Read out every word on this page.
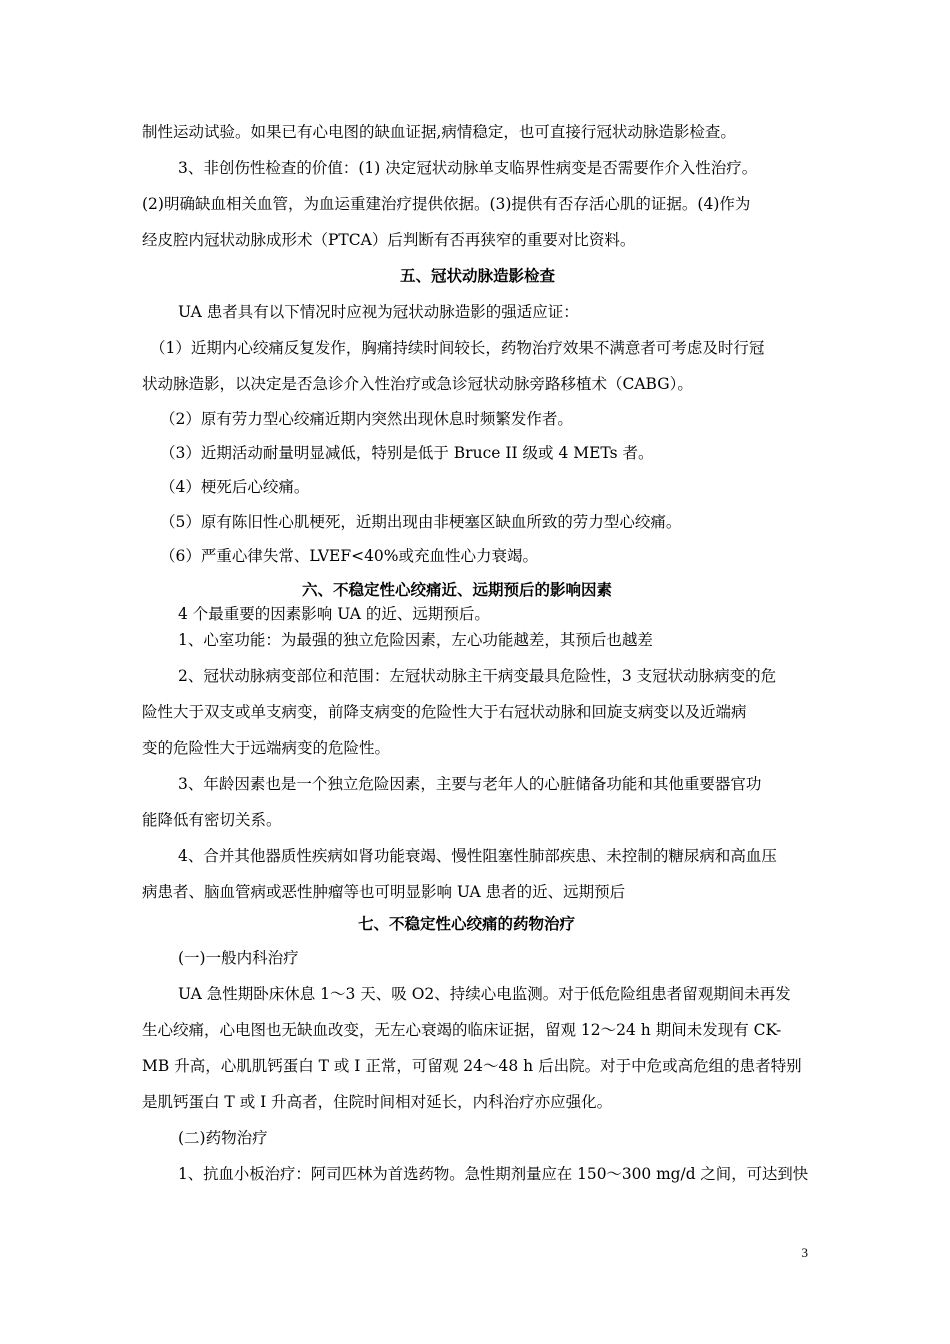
制性运动试验。如果已有心电图的缺血证据,病情稳定，也可直接行冠状动脉造影检查。
3、非创伤性检查的价值：(1) 决定冠状动脉单支临界性病变是否需要作介入性治疗。
(2)明确缺血相关血管，为血运重建治疗提供依据。(3)提供有否存活心肌的证据。(4)作为
经皮腔内冠状动脉成形术（PTCA）后判断有否再狭窄的重要对比资料。
五、冠状动脉造影检查
UA 患者具有以下情况时应视为冠状动脉造影的强适应证：
（1）近期内心绞痛反复发作，胸痛持续时间较长，药物治疗效果不满意者可考虑及时行冠
状动脉造影，以决定是否急诊介入性治疗或急诊冠状动脉旁路移植术（CABG）。
（2）原有劳力型心绞痛近期内突然出现休息时频繁发作者。
（3）近期活动耐量明显减低，特别是低于 Bruce II 级或 4 METs 者。
（4）梗死后心绞痛。
（5）原有陈旧性心肌梗死，近期出现由非梗塞区缺血所致的劳力型心绞痛。
（6）严重心律失常、LVEF<40%或充血性心力衰竭。
六、不稳定性心绞痛近、远期预后的影响因素
4 个最重要的因素影响 UA 的近、远期预后。
1、心室功能：为最强的独立危险因素，左心功能越差，其预后也越差
2、冠状动脉病变部位和范围：左冠状动脉主干病变最具危险性，3 支冠状动脉病变的危
险性大于双支或单支病变，前降支病变的危险性大于右冠状动脉和回旋支病变以及近端病
变的危险性大于远端病变的危险性。
3、年龄因素也是一个独立危险因素，主要与老年人的心脏储备功能和其他重要器官功
能降低有密切关系。
4、合并其他器质性疾病如肾功能衰竭、慢性阻塞性肺部疾患、未控制的糖尿病和高血压
病患者、脑血管病或恶性肿瘤等也可明显影响 UA 患者的近、远期预后
七、不稳定性心绞痛的药物治疗
(一)一般内科治疗
UA 急性期卧床休息 1～3 天、吸 O2、持续心电监测。对于低危险组患者留观期间未再发
生心绞痛，心电图也无缺血改变，无左心衰竭的临床证据，留观 12～24 h 期间未发现有 CK-
MB 升高，心肌肌钙蛋白 T 或 I 正常，可留观 24～48 h 后出院。对于中危或高危组的患者特别
是肌钙蛋白 T 或 I 升高者，住院时间相对延长，内科治疗亦应强化。
(二)药物治疗
1、抗血小板治疗：阿司匹林为首选药物。急性期剂量应在 150～300 mg/d 之间，可达到快
3
